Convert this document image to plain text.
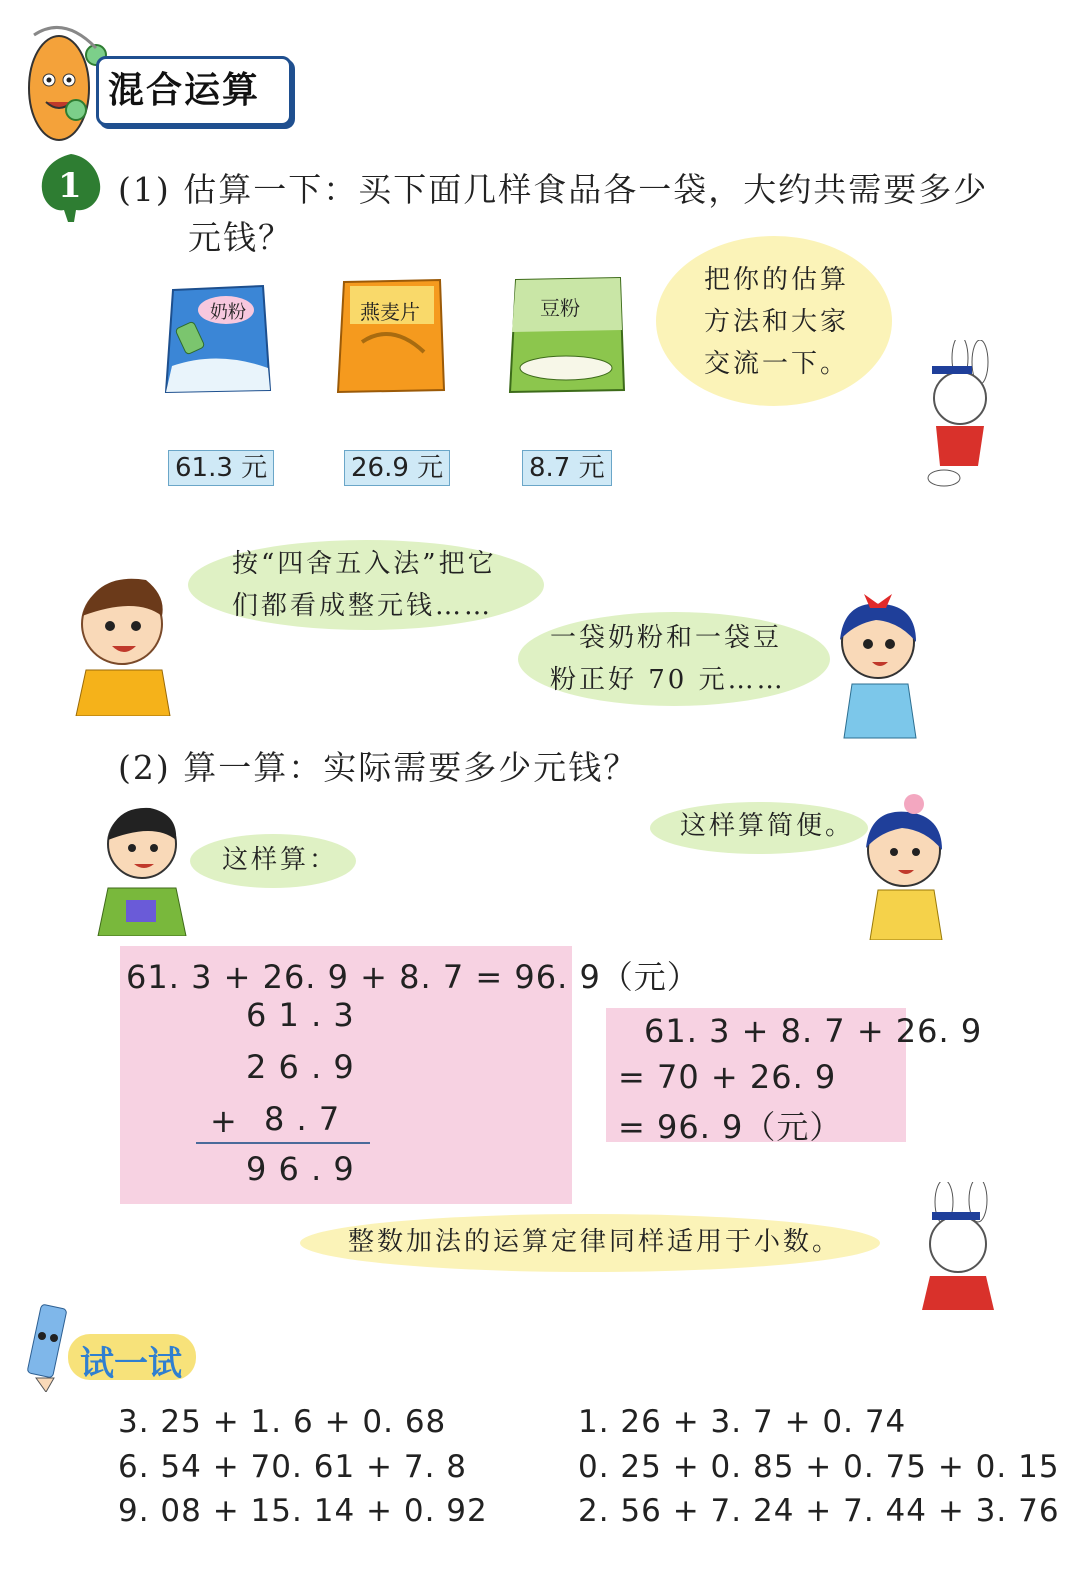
混合运算
1 (1) 估算一下：买下面几样食品各一袋，大约共需要多少
元钱？
奶粉	燕麦片	豆粉
61.3 元	26.9 元	8.7 元
把你的估算
方法和大家
交流一下。
按“四舍五入法”把它
们都看成整元钱……
一袋奶粉和一袋豆
粉正好 70 元……
(2) 算一算：实际需要多少元钱？
这样算：
这样算简便。
61. 3 + 26. 9 + 8. 7 = 96. 9（元）
6 1 . 3
2 6 . 9
+ 8 . 7
9 6 . 9
61. 3 + 8. 7 + 26. 9
= 70 + 26. 9
= 96. 9（元）
整数加法的运算定律同样适用于小数。
试一试
3. 25 + 1. 6 + 0. 68
6. 54 + 70. 61 + 7. 8
9. 08 + 15. 14 + 0. 92
1. 26 + 3. 7 + 0. 74
0. 25 + 0. 85 + 0. 75 + 0. 15
2. 56 + 7. 24 + 7. 44 + 3. 76
